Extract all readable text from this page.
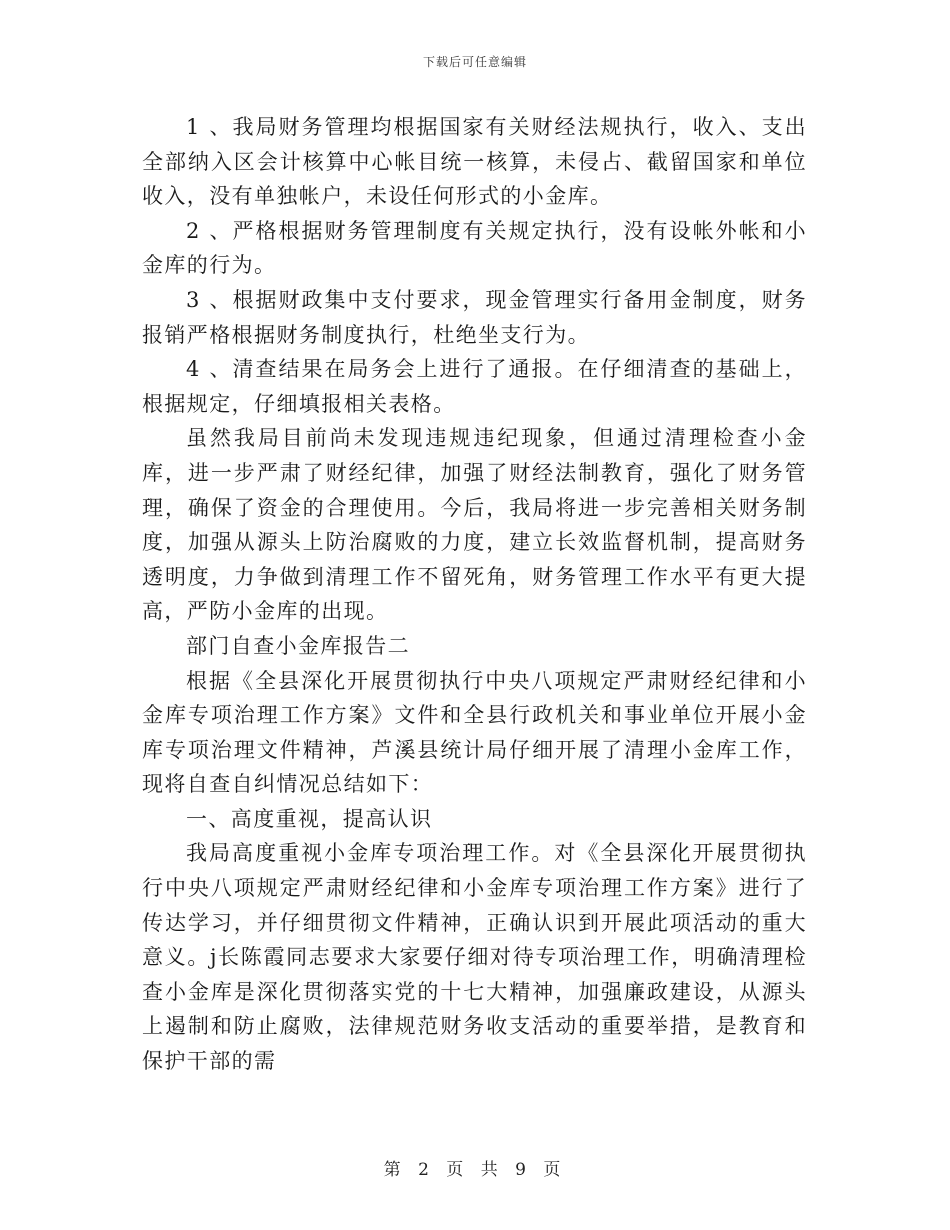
下载后可任意编辑

1 、我局财务管理均根据国家有关财经法规执行，收入、支出全部纳入区会计核算中心帐目统一核算，未侵占、截留国家和单位收入，没有单独帐户，未设任何形式的小金库。

2 、严格根据财务管理制度有关规定执行，没有设帐外帐和小金库的行为。

3 、根据财政集中支付要求，现金管理实行备用金制度，财务报销严格根据财务制度执行，杜绝坐支行为。

4 、清查结果在局务会上进行了通报。在仔细清查的基础上，根据规定，仔细填报相关表格。

虽然我局目前尚未发现违规违纪现象，但通过清理检查小金库，进一步严肃了财经纪律，加强了财经法制教育，强化了财务管理，确保了资金的合理使用。今后，我局将进一步完善相关财务制度，加强从源头上防治腐败的力度，建立长效监督机制，提高财务透明度，力争做到清理工作不留死角，财务管理工作水平有更大提高，严防小金库的出现。

部门自查小金库报告二

根据《全县深化开展贯彻执行中央八项规定严肃财经纪律和小金库专项治理工作方案》文件和全县行政机关和事业单位开展小金库专项治理文件精神，芦溪县统计局仔细开展了清理小金库工作，现将自查自纠情况总结如下：

一、高度重视，提高认识

我局高度重视小金库专项治理工作。对《全县深化开展贯彻执行中央八项规定严肃财经纪律和小金库专项治理工作方案》进行了传达学习，并仔细贯彻文件精神，正确认识到开展此项活动的重大意义。j长陈霞同志要求大家要仔细对待专项治理工作，明确清理检查小金库是深化贯彻落实党的十七大精神，加强廉政建设，从源头上遏制和防止腐败，法律规范财务收支活动的重要举措，是教育和保护干部的需

第 2 页 共 9 页
